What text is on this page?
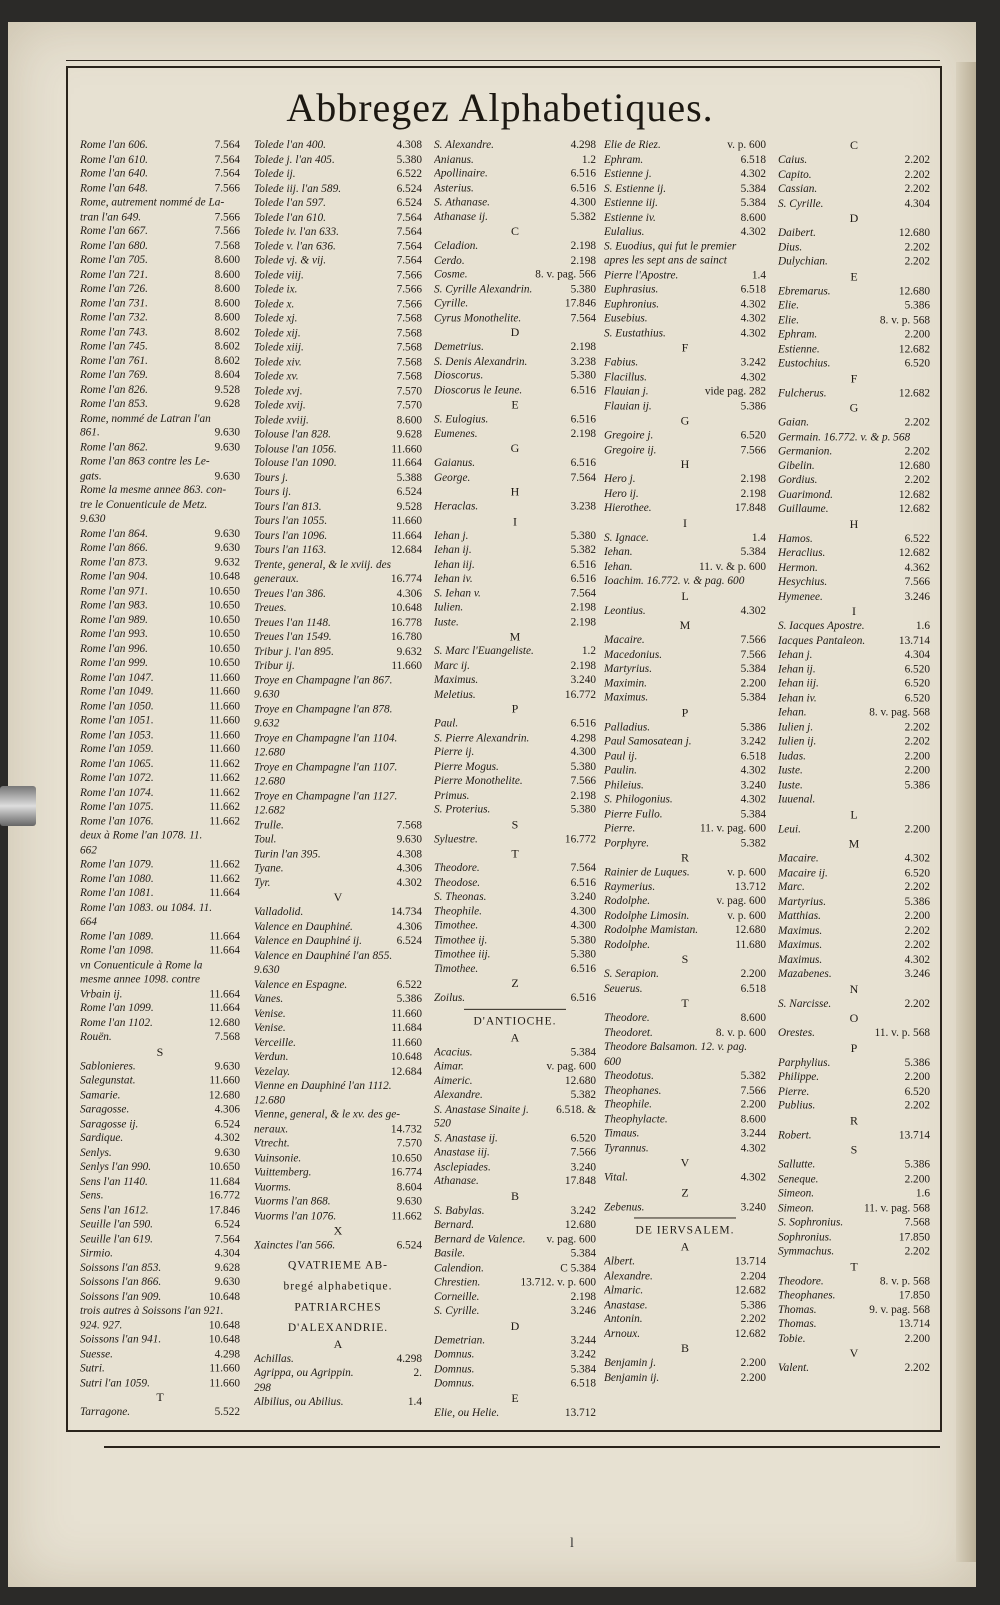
Abbregez Alphabetiques.
Rome l'an 606.	7.564
Rome l'an 610.	7.564
Rome l'an 640.	7.564
Rome l'an 648.	7.566
Rome, autrement nommé de La-
tran l'an 649.	7.566
Rome l'an 667.	7.566
Rome l'an 680.	7.568
Rome l'an 705.	8.600
Rome l'an 721.	8.600
Rome l'an 726.	8.600
Rome l'an 731.	8.600
Rome l'an 732.	8.600
Rome l'an 743.	8.602
Rome l'an 745.	8.602
Rome l'an 761.	8.602
Rome l'an 769.	8.604
Rome l'an 826.	9.528
Rome l'an 853.	9.628
Rome, nommé de Latran l'an
861.	9.630
Rome l'an 862.	9.630
Rome l'an 863 contre les Le-
gats.	9.630
Rome la mesme annee 863. con-
tre le Conuenticule de Metz.
9.630
Rome l'an 864.	9.630
Rome l'an 866.	9.630
Rome l'an 873.	9.632
Rome l'an 904.	10.648
Rome l'an 971.	10.650
Rome l'an 983.	10.650
Rome l'an 989.	10.650
Rome l'an 993.	10.650
Rome l'an 996.	10.650
Rome l'an 999.	10.650
Rome l'an 1047.	11.660
Rome l'an 1049.	11.660
Rome l'an 1050.	11.660
Rome l'an 1051.	11.660
Rome l'an 1053.	11.660
Rome l'an 1059.	11.660
Rome l'an 1065.	11.662
Rome l'an 1072.	11.662
Rome l'an 1074.	11.662
Rome l'an 1075.	11.662
Rome l'an 1076.	11.662
deux à Rome l'an 1078. 11.
662
Rome l'an 1079.	11.662
Rome l'an 1080.	11.662
Rome l'an 1081.	11.664
Rome l'an 1083. ou 1084. 11.
664
Rome l'an 1089.	11.664
Rome l'an 1098.	11.664
vn Conuenticule à Rome la
mesme annee 1098. contre
Vrbain ij.	11.664
Rome l'an 1099.	11.664
Rome l'an 1102.	12.680
Rouën.	7.568
S
Sablonieres.	9.630
Salegunstat.	11.660
Samarie.	12.680
Saragosse.	4.306
Saragosse ij.	6.524
Sardique.	4.302
Senlys.	9.630
Senlys l'an 990.	10.650
Sens l'an 1140.	11.684
Sens.	16.772
Sens l'an 1612.	17.846
Seuille l'an 590.	6.524
Seuille l'an 619.	7.564
Sirmio.	4.304
Soissons l'an 853.	9.628
Soissons l'an 866.	9.630
Soissons l'an 909.	10.648
trois autres à Soissons l'an 921.
924. 927.	10.648
Soissons l'an 941.	10.648
Suesse.	4.298
Sutri.	11.660
Sutri l'an 1059.	11.660
T
Tarragone.	5.522
Tolede l'an 400.	4.308
Tolede j. l'an 405.	5.380
Tolede ij.	6.522
Tolede iij. l'an 589.	6.524
Tolede l'an 597.	6.524
Tolede l'an 610.	7.564
Tolede iv. l'an 633.	7.564
Tolede v. l'an 636.	7.564
Tolede vj. & vij.	7.564
Tolede viij.	7.566
Tolede ix.	7.566
Tolede x.	7.566
Tolede xj.	7.568
Tolede xij.	7.568
Tolede xiij.	7.568
Tolede xiv.	7.568
Tolede xv.	7.568
Tolede xvj.	7.570
Tolede xvij.	7.570
Tolede xviij.	8.600
Tolouse l'an 828.	9.628
Tolouse l'an 1056.	11.660
Tolouse l'an 1090.	11.664
Tours j.	5.388
Tours ij.	6.524
Tours l'an 813.	9.528
Tours l'an 1055.	11.660
Tours l'an 1096.	11.664
Tours l'an 1163.	12.684
Trente, general, & le xviij. des
generaux.	16.774
Treues l'an 386.	4.306
Treues.	10.648
Treues l'an 1148.	16.778
Treues l'an 1549.	16.780
Tribur j. l'an 895.	9.632
Tribur ij.	11.660
Troye en Champagne l'an 867.
9.630
Troye en Champagne l'an 878.
9.632
Troye en Champagne l'an 1104.
12.680
Troye en Champagne l'an 1107.
12.680
Troye en Champagne l'an 1127.
12.682
Trulle.	7.568
Toul.	9.630
Turin l'an 395.	4.308
Tyane.	4.306
Tyr.	4.302
V
Valladolid.	14.734
Valence en Dauphiné.	4.306
Valence en Dauphiné ij.	6.524
Valence en Dauphiné l'an 855.
9.630
Valence en Espagne.	6.522
Vanes.	5.386
Venise.	11.660
Venise.	11.684
Verceille.	11.660
Verdun.	10.648
Vezelay.	12.684
Vienne en Dauphiné l'an 1112.
12.680
Vienne, general, & le xv. des ge-
neraux.	14.732
Vtrecht.	7.570
Vuinsonie.	10.650
Vuittemberg.	16.774
Vuorms.	8.604
Vuorms l'an 868.	9.630
Vuorms l'an 1076.	11.662
X
Xainctes l'an 566.	6.524
QVATRIEME AB-
bregé alphabetique.
PATRIARCHES
D'ALEXANDRIE.
A
Achillas.	4.298
Agrippa, ou Agrippin.	2.
298
Albilius, ou Abilius.	1.4
S. Alexandre.	4.298
Anianus.	1.2
Apollinaire.	6.516
Asterius.	6.516
S. Athanase.	4.300
Athanase ij.	5.382
C
Celadion.	2.198
Cerdo.	2.198
Cosme.	8. v. pag. 566
S. Cyrille Alexandrin.	5.380
Cyrille.	17.846
Cyrus Monothelite.	7.564
D
Demetrius.	2.198
S. Denis Alexandrin.	3.238
Dioscorus.	5.380
Dioscorus le Ieune.	6.516
E
S. Eulogius.	6.516
Eumenes.	2.198
G
Gaianus.	6.516
George.	7.564
H
Heraclas.	3.238
I
Iehan j.	5.380
Iehan ij.	5.382
Iehan iij.	6.516
Iehan iv.	6.516
S. Iehan v.	7.564
Iulien.	2.198
Iuste.	2.198
M
S. Marc l'Euangeliste.	1.2
Marc ij.	2.198
Maximus.	3.240
Meletius.	16.772
P
Paul.	6.516
S. Pierre Alexandrin.	4.298
Pierre ij.	4.300
Pierre Mogus.	5.380
Pierre Monothelite.	7.566
Primus.	2.198
S. Proterius.	5.380
S
Syluestre.	16.772
T
Theodore.	7.564
Theodose.	6.516
S. Theonas.	3.240
Theophile.	4.300
Timothee.	4.300
Timothee ij.	5.380
Timothee iij.	5.380
Timothee.	6.516
Z
Zoilus.	6.516
D'ANTIOCHE.
A
Acacius.	5.384
Aimar.	v. pag. 600
Aimeric.	12.680
Alexandre.	5.382
S. Anastase Sinaite j.	6.518. &
520
S. Anastase ij.	6.520
Anastase iij.	7.566
Asclepiades.	3.240
Athanase.	17.848
B
S. Babylas.	3.242
Bernard.	12.680
Bernard de Valence.	v. pag. 600
Basile.	5.384
Calendion.	C 5.384
Chrestien.	13.712. v. p. 600
Corneille.	2.198
S. Cyrille.	3.246
D
Demetrian.	3.244
Domnus.	3.242
Domnus.	5.384
Domnus.	6.518
E
Elie, ou Helie.	13.712
Elie de Riez.	v. p. 600
Ephram.	6.518
Estienne j.	4.302
S. Estienne ij.	5.384
Estienne iij.	5.384
Estienne iv.	8.600
Eulalius.	4.302
S. Euodius, qui fut le premier
apres les sept ans de sainct
Pierre l'Apostre.	1.4
Euphrasius.	6.518
Euphronius.	4.302
Eusebius.	4.302
S. Eustathius.	4.302
F
Fabius.	3.242
Flacillus.	4.302
Flauian j.	vide pag. 282
Flauian ij.	5.386
G
Gregoire j.	6.520
Gregoire ij.	7.566
H
Hero j.	2.198
Hero ij.	2.198
Hierothee.	17.848
I
S. Ignace.	1.4
Iehan.	5.384
Iehan.	11. v. & p. 600
Ioachim. 16.772. v. & pag. 600
L
Leontius.	4.302
M
Macaire.	7.566
Macedonius.	7.566
Martyrius.	5.384
Maximin.	2.200
Maximus.	5.384
P
Palladius.	5.386
Paul Samosatean j.	3.242
Paul ij.	6.518
Paulin.	4.302
Phileius.	3.240
S. Philogonius.	4.302
Pierre Fullo.	5.384
Pierre.	11. v. pag. 600
Porphyre.	5.382
R
Rainier de Luques.	v. p. 600
Raymerius.	13.712
Rodolphe.	v. pag. 600
Rodolphe Limosin.	v. p. 600
Rodolphe Mamistan.	12.680
Rodolphe.	11.680
S
S. Serapion.	2.200
Seuerus.	6.518
T
Theodore.	8.600
Theodoret.	8. v. p. 600
Theodore Balsamon. 12. v. pag.
600
Theodotus.	5.382
Theophanes.	7.566
Theophile.	2.200
Theophylacte.	8.600
Timaus.	3.244
Tyrannus.	4.302
V
Vital.	4.302
Z
Zebenus.	3.240
DE IERVSALEM.
A
Albert.	13.714
Alexandre.	2.204
Almaric.	12.682
Anastase.	5.386
Antonin.	2.202
Arnoux.	12.682
B
Benjamin j.	2.200
Benjamin ij.	2.200
C
Caius.	2.202
Capito.	2.202
Cassian.	2.202
S. Cyrille.	4.304
D
Daibert.	12.680
Dius.	2.202
Dulychian.	2.202
E
Ebremarus.	12.680
Elie.	5.386
Elie.	8. v. p. 568
Ephram.	2.200
Estienne.	12.682
Eustochius.	6.520
F
Fulcherus.	12.682
G
Gaian.	2.202
Germain. 16.772. v. & p. 568
Germanion.	2.202
Gibelin.	12.680
Gordius.	2.202
Guarimond.	12.682
Guillaume.	12.682
H
Hamos.	6.522
Heraclius.	12.682
Hermon.	4.362
Hesychius.	7.566
Hymenee.	3.246
I
S. Iacques Apostre.	1.6
Iacques Pantaleon.	13.714
Iehan j.	4.304
Iehan ij.	6.520
Iehan iij.	6.520
Iehan iv.	6.520
Iehan.	8. v. pag. 568
Iulien j.	2.202
Iulien ij.	2.202
Iudas.	2.200
Iuste.	2.200
Iuste.	5.386
Iuuenal.
L
Leui.	2.200
M
Macaire.	4.302
Macaire ij.	6.520
Marc.	2.202
Martyrius.	5.386
Matthias.	2.200
Maximus.	2.202
Maximus.	2.202
Maximus.	4.302
Mazabenes.	3.246
N
S. Narcisse.	2.202
O
Orestes.	11. v. p. 568
P
Parphylius.	5.386
Philippe.	2.200
Pierre.	6.520
Publius.	2.202
R
Robert.	13.714
S
Sallutte.	5.386
Seneque.	2.200
Simeon.	1.6
Simeon.	11. v. pag. 568
S. Sophronius.	7.568
Sophronius.	17.850
Symmachus.	2.202
T
Theodore.	8. v. p. 568
Theophanes.	17.850
Thomas.	9. v. pag. 568
Thomas.	13.714
Tobie.	2.200
V
Valent.	2.202
l
